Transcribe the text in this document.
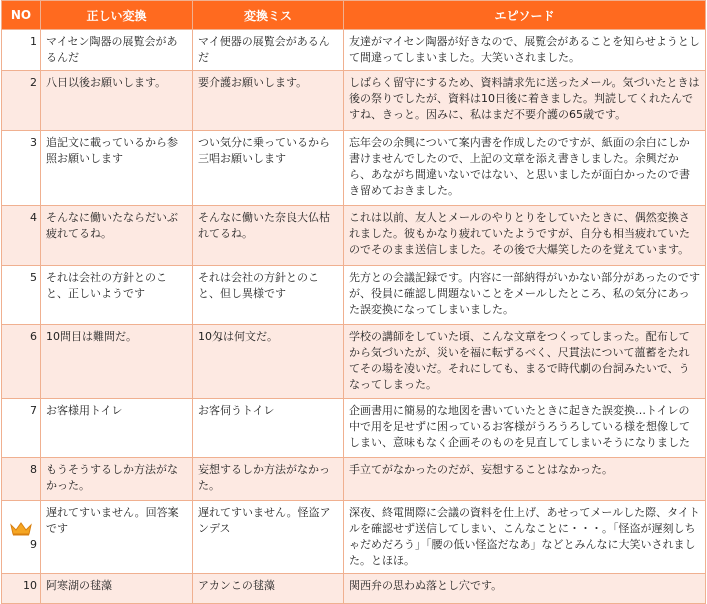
NO	正しい変換	変換ミス	エピソード
1	マイセン陶器の展覧会があるんだ	マイ便器の展覧会があるんだ	友達がマイセン陶器が好きなので、展覧会があることを知らせようとして間違ってしまいました。大笑いされました。
2	八日以後お願いします。	要介護お願いします。	しばらく留守にするため、資料請求先に送ったメール。気づいたときは後の祭りでしたが、資料は10日後に着きました。判読してくれたんですね、きっと。因みに、私はまだ不要介護の65歳です。
3	追記文に載っているから参照お願いします	つい気分に乗っているから三唱お願いします	忘年会の余興について案内書を作成したのですが、紙面の余白にしか書けませんでしたので、上記の文章を添え書きしました。余興だから、あながち間違いないではない、と思いましたが面白かったので書き留めておきました。
4	そんなに働いたならだいぶ疲れてるね。	そんなに働いた奈良大仏枯れてるね。	これは以前、友人とメールのやりとりをしていたときに、偶然変換されました。彼もかなり疲れていたようですが、自分も相当疲れていたのでそのまま送信しました。その後で大爆笑したのを覚えています。
5	それは会社の方針とのこと、正しいようです	それは会社の方針とのこと、但し異様です	先方との会議記録です。内容に一部納得がいかない部分があったのですが、役員に確認し問題ないことをメールしたところ、私の気分にあった誤変換になってしまいました。
6	10問目は難問だ。	10匁は何文だ。	学校の講師をしていた頃、こんな文章をつくってしまった。配布してから気づいたが、災いを福に転ずるべく、尺貫法について薀蓄をたれてその場を凌いだ。それにしても、まるで時代劇の台詞みたいで、うなってしまった。
7	お客様用トイレ	お客伺うトイレ	企画書用に簡易的な地図を書いていたときに起きた誤変換…トイレの中で用を足せずに困っているお客様がうろうろしている様を想像してしまい、意味もなく企画そのものを見直してしまいそうになりました
8	もうそうするしか方法がなかった。	妄想するしか方法がなかった。	手立てがなかったのだが、妄想することはなかった。

9	遅れてすいません。回答案です	遅れてすいません。怪盗アンデス	深夜、終電間際に会議の資料を仕上げ、あせってメールした際、タイトルを確認せず送信してしまい、こんなことに・・・。「怪盗が遅刻しちゃだめだろう」「腰の低い怪盗だなあ」などとみんなに大笑いされました。とほほ。
10	阿寒湖の毬藻	アカンこの毬藻	関西弁の思わぬ落とし穴です。
